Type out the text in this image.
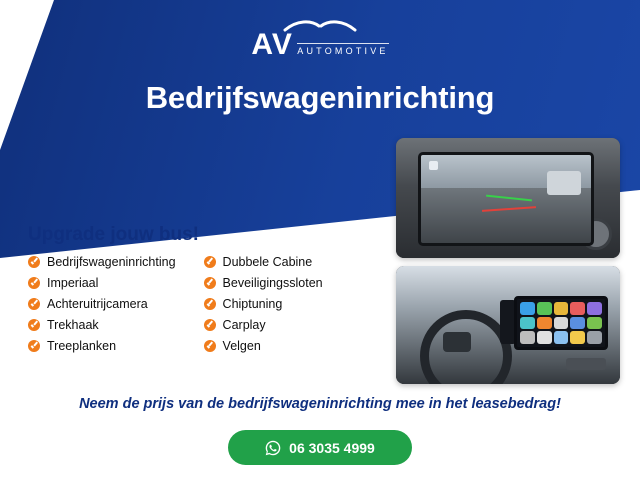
AV AUTOMOTIVE
Bedrijfswageninrichting
Upgrade jouw bus!
Bedrijfswageninrichting
Imperiaal
Achteruitrijcamera
Trekhaak
Treeplanken
Dubbele Cabine
Beveiligingssloten
Chiptuning
Carplay
Velgen
Neem de prijs van de bedrijfswageninrichting mee in het leasebedrag!
06 3035 4999
